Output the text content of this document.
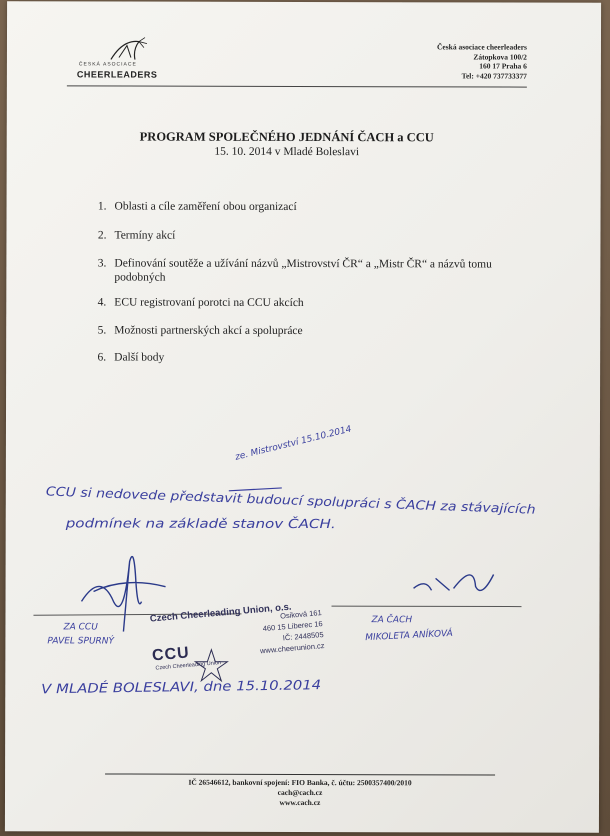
ČESKÁ ASOCIACE
CHEERLEADERS
Česká asociace cheerleaders
Zátopkova 100/2
160 17 Praha 6
Tel: +420 737733377
PROGRAM SPOLEČNÉHO JEDNÁNÍ ČACH a CCU
15. 10. 2014 v Mladé Boleslavi
1. Oblasti a cíle zaměření obou organizací
2. Termíny akcí
3. Definování soutěže a užívání názvů „Mistrovství ČR“ a „Mistr ČR“ a názvů tomu podobných
4. ECU registrovaní porotci na CCU akcích
5. Možnosti partnerských akcí a spolupráce
6. Další body
ze. Mistrovství 15.10.2014
CCU si nedovede představit budoucí spolupráci s ČACH za stávajících
podmínek na základě stanov ČACH.
ZA CCU
PAVEL SPURNÝ
ZA ČACH
MIKOLETA ANÍKOVÁ
V MLADÉ BOLESLAVI, dne 15.10.2014
Czech Cheerleading Union, o.s.
Osiková 161
460 15 Liberec 16
IČ: 2448505
www.cheerunion.cz
CCU
Czech Cheerleading Union
IČ 26546612, bankovní spojení: FIO Banka, č. účtu: 2500357400/2010
cach@cach.cz
www.cach.cz
